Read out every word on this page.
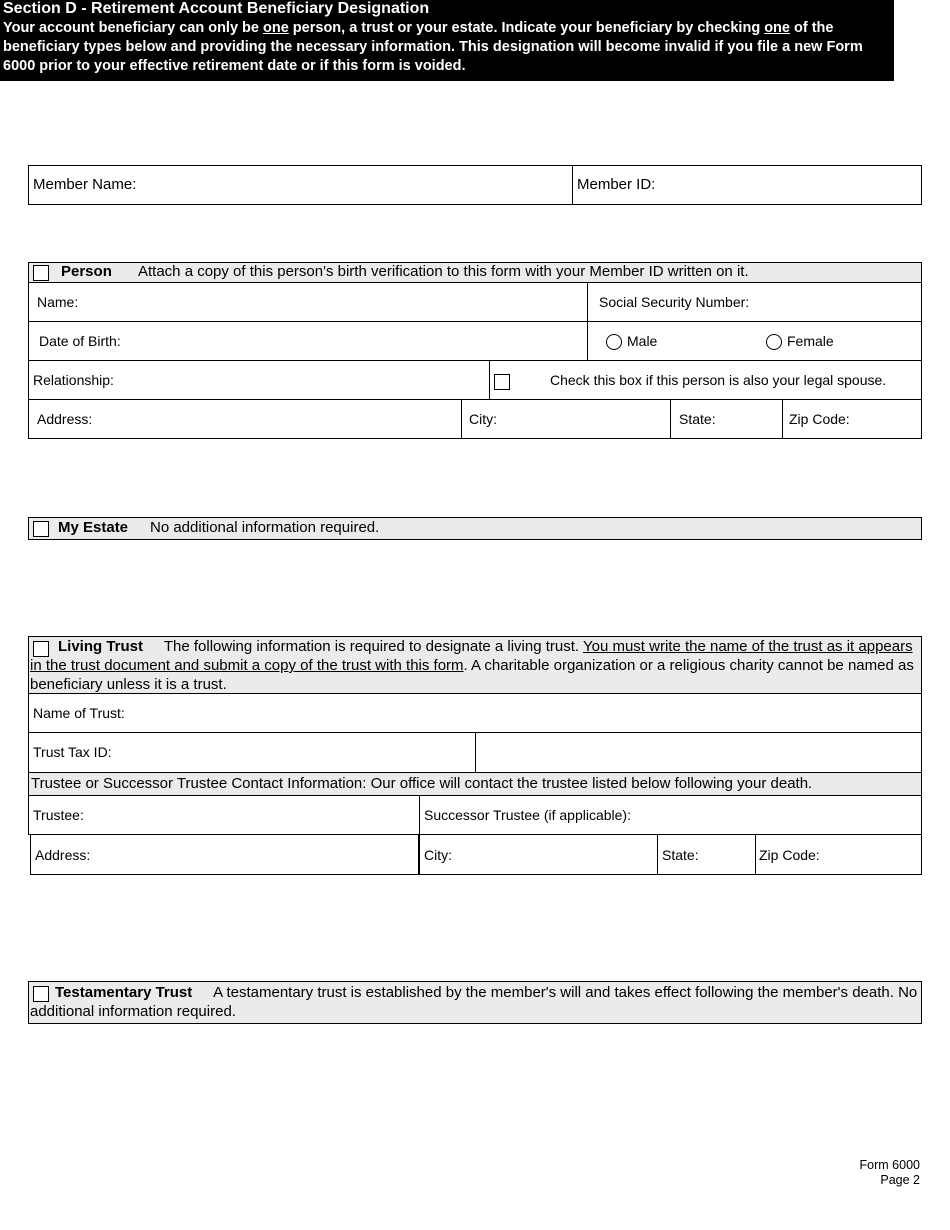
Section D - Retirement Account Beneficiary Designation
Your account beneficiary can only be one person, a trust or your estate. Indicate your beneficiary by checking one of the beneficiary types below and providing the necessary information. This designation will become invalid if you file a new Form 6000 prior to your effective retirement date or if this form is voided.
Member Name:	Member ID:
Person Attach a copy of this person's birth verification to this form with your Member ID written on it.
Name:	Social Security Number:
Date of Birth:	Male	Female
Relationship:	Check this box if this person is also your legal spouse.
Address:	City:	State:	Zip Code:
My Estate No additional information required.
Living Trust The following information is required to designate a living trust. You must write the name of the trust as it appears in the trust document and submit a copy of the trust with this form. A charitable organization or a religious charity cannot be named as beneficiary unless it is a trust.
Name of Trust:
Trust Tax ID:
Trustee or Successor Trustee Contact Information: Our office will contact the trustee listed below following your death.
Trustee:	Successor Trustee (if applicable):
Address:	City:	State:	Zip Code:
Testamentary Trust A testamentary trust is established by the member's will and takes effect following the member's death. No additional information required.
Form 6000
Page 2
